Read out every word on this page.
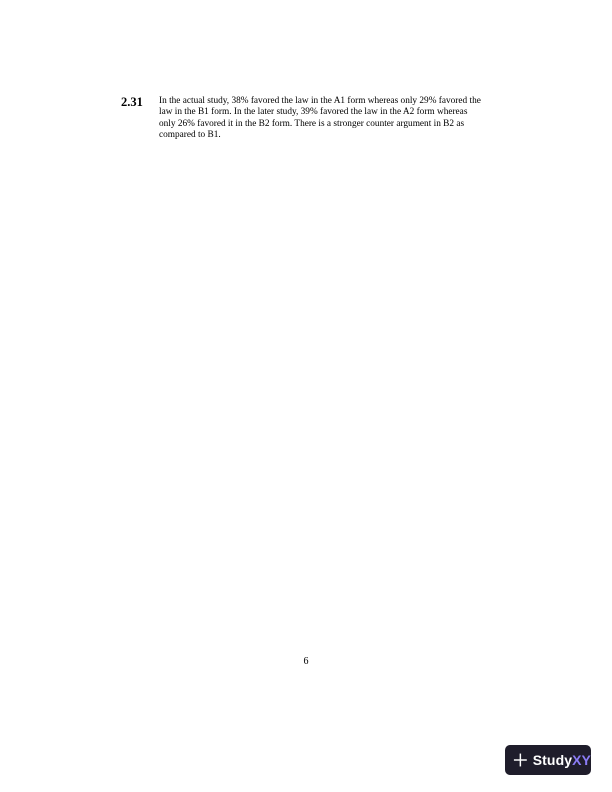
2.31 In the actual study, 38% favored the law in the A1 form whereas only 29% favored the
law in the B1 form. In the later study, 39% favored the law in the A2 form whereas
only 26% favored it in the B2 form. There is a stronger counter argument in B2 as
compared to B1.
6
StudyXY
